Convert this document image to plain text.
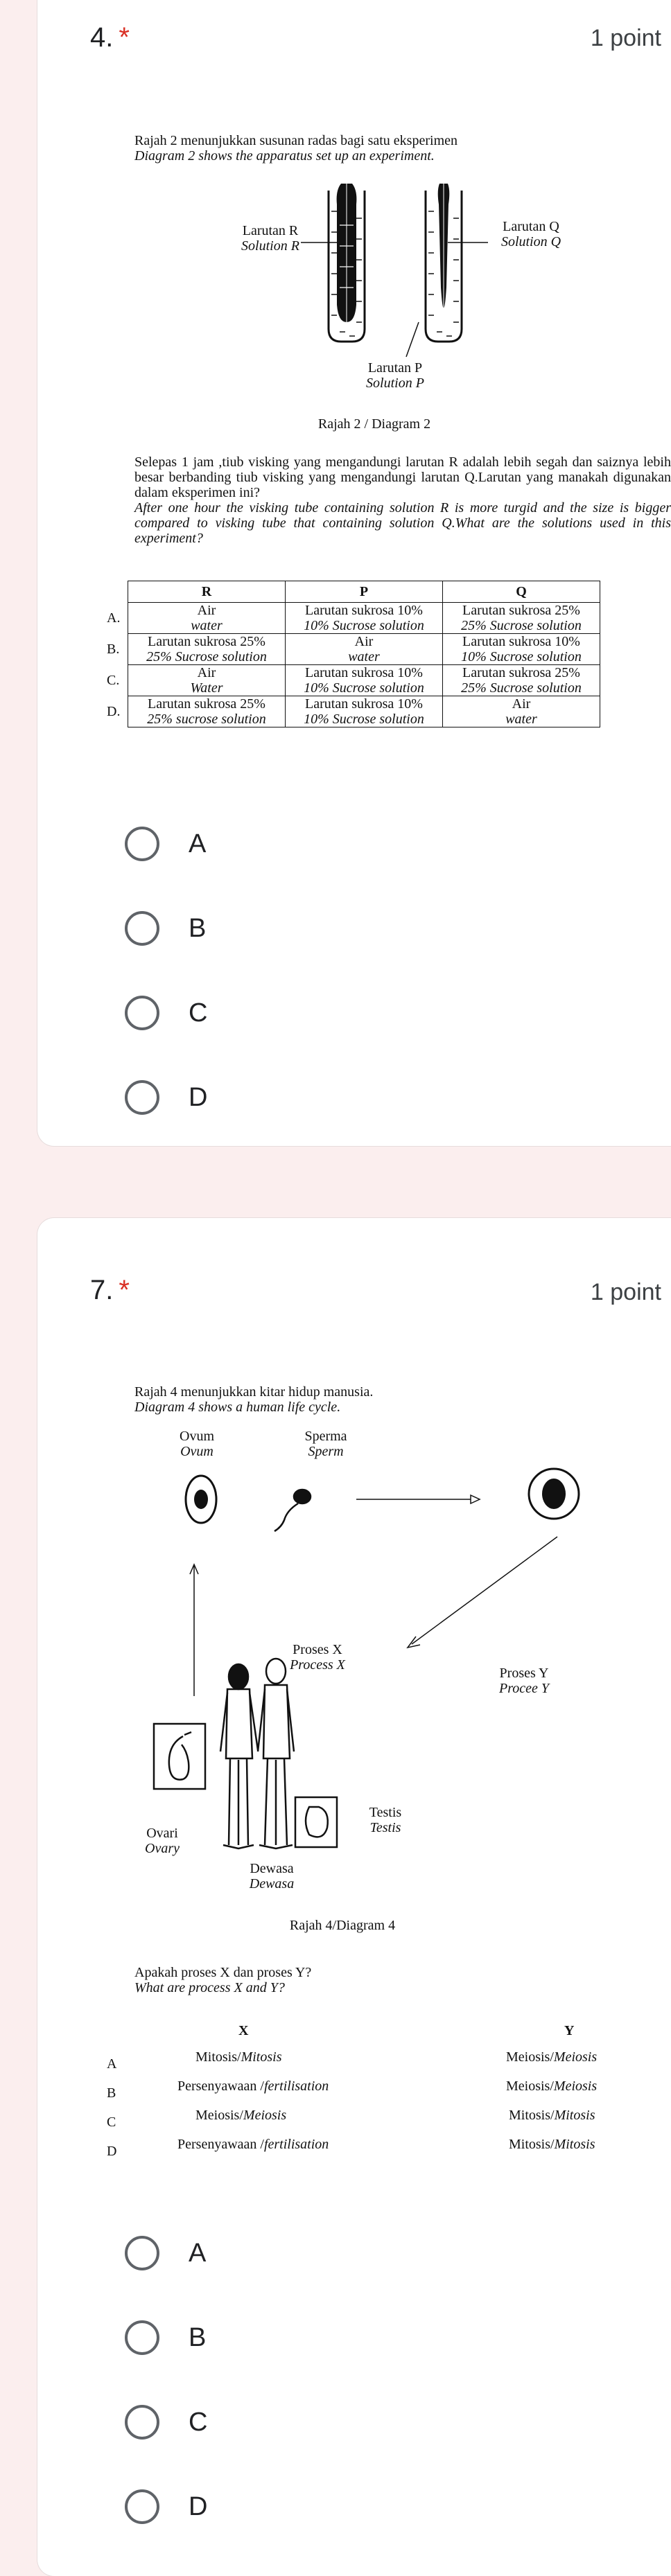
4. *	1 point
Rajah 2 menunjukkan susunan radas bagi satu eksperimen
Diagram 2 shows the apparatus set up an experiment.
Larutan R
Solution R
Larutan Q
Solution Q
Larutan P
Solution P
Rajah 2 / Diagram 2
Selepas 1 jam ,tiub visking yang mengandungi larutan R adalah lebih segah dan saiznya lebih besar berbanding tiub visking yang mengandungi larutan Q.Larutan yang manakah digunakan dalam eksperimen ini?
After one hour the visking tube containing solution R is more turgid and the size is bigger compared to visking tube that containing solution Q.What are the solutions used in this experiment?
	R	P	Q
A.	Air
water	Larutan sukrosa 10%
10% Sucrose solution	Larutan sukrosa 25%
25% Sucrose solution
B.	Larutan sukrosa 25%
25% Sucrose solution	Air
water	Larutan sukrosa 10%
10% Sucrose solution
C.	Air
Water	Larutan sukrosa 10%
10% Sucrose solution	Larutan sukrosa 25%
25% Sucrose solution
D.	Larutan sukrosa 25%
25% sucrose solution	Larutan sukrosa 10%
10% Sucrose solution	Air
water
A
B
C
D
7. *	1 point
Rajah 4 menunjukkan kitar hidup manusia.
Diagram 4 shows a human life cycle.
Ovum
Ovum
Sperma
Sperm
Proses X
Process X
Proses Y
Procee Y
Ovari
Ovary
Testis
Testis
Dewasa
Dewasa
Rajah 4/Diagram 4
Apakah proses X dan proses Y?
What are process X and Y?
X	Y
A	Mitosis/Mitosis	Meiosis/Meiosis
B	Persenyawaan /fertilisation	Meiosis/Meiosis
C	Meiosis/Meiosis	Mitosis/Mitosis
D	Persenyawaan /fertilisation	Mitosis/Mitosis
A
B
C
D
